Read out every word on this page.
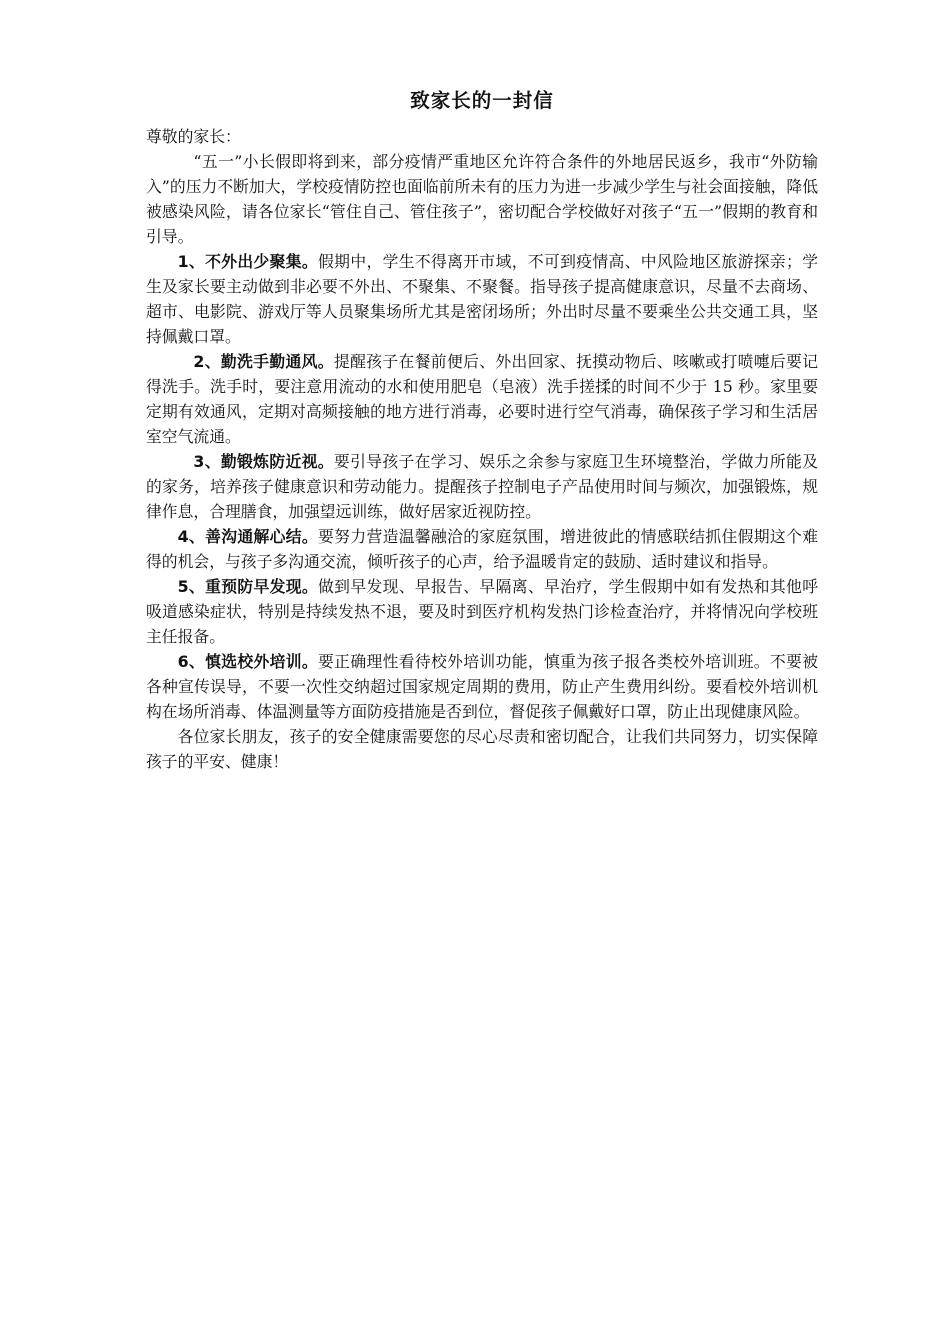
致家长的一封信

尊敬的家长：

“五一”小长假即将到来，部分疫情严重地区允许符合条件的外地居民返乡，我市“外防输入”的压力不断加大，学校疫情防控也面临前所未有的压力为进一步减少学生与社会面接触，降低被感染风险，请各位家长“管住自己、管住孩子”，密切配合学校做好对孩子“五一”假期的教育和引导。

1、不外出少聚集。假期中，学生不得离开市域，不可到疫情高、中风险地区旅游探亲；学生及家长要主动做到非必要不外出、不聚集、不聚餐。指导孩子提高健康意识，尽量不去商场、超市、电影院、游戏厅等人员聚集场所尤其是密闭场所；外出时尽量不要乘坐公共交通工具，坚持佩戴口罩。

2、勤洗手勤通风。提醒孩子在餐前便后、外出回家、抚摸动物后、咳嗽或打喷嚏后要记得洗手。洗手时，要注意用流动的水和使用肥皂（皂液）洗手搓揉的时间不少于 15 秒。家里要定期有效通风，定期对高频接触的地方进行消毒，必要时进行空气消毒，确保孩子学习和生活居室空气流通。

3、勤锻炼防近视。要引导孩子在学习、娱乐之余参与家庭卫生环境整治，学做力所能及的家务，培养孩子健康意识和劳动能力。提醒孩子控制电子产品使用时间与频次，加强锻炼，规律作息，合理膳食，加强望远训练，做好居家近视防控。

4、善沟通解心结。要努力营造温馨融洽的家庭氛围，增进彼此的情感联结抓住假期这个难得的机会，与孩子多沟通交流，倾听孩子的心声，给予温暖肯定的鼓励、适时建议和指导。

5、重预防早发现。做到早发现、早报告、早隔离、早治疗，学生假期中如有发热和其他呼吸道感染症状，特别是持续发热不退，要及时到医疗机构发热门诊检查治疗，并将情况向学校班主任报备。

6、慎选校外培训。要正确理性看待校外培训功能，慎重为孩子报各类校外培训班。不要被各种宣传误导，不要一次性交纳超过国家规定周期的费用，防止产生费用纠纷。要看校外培训机构在场所消毒、体温测量等方面防疫措施是否到位，督促孩子佩戴好口罩，防止出现健康风险。

各位家长朋友，孩子的安全健康需要您的尽心尽责和密切配合，让我们共同努力，切实保障孩子的平安、健康！
